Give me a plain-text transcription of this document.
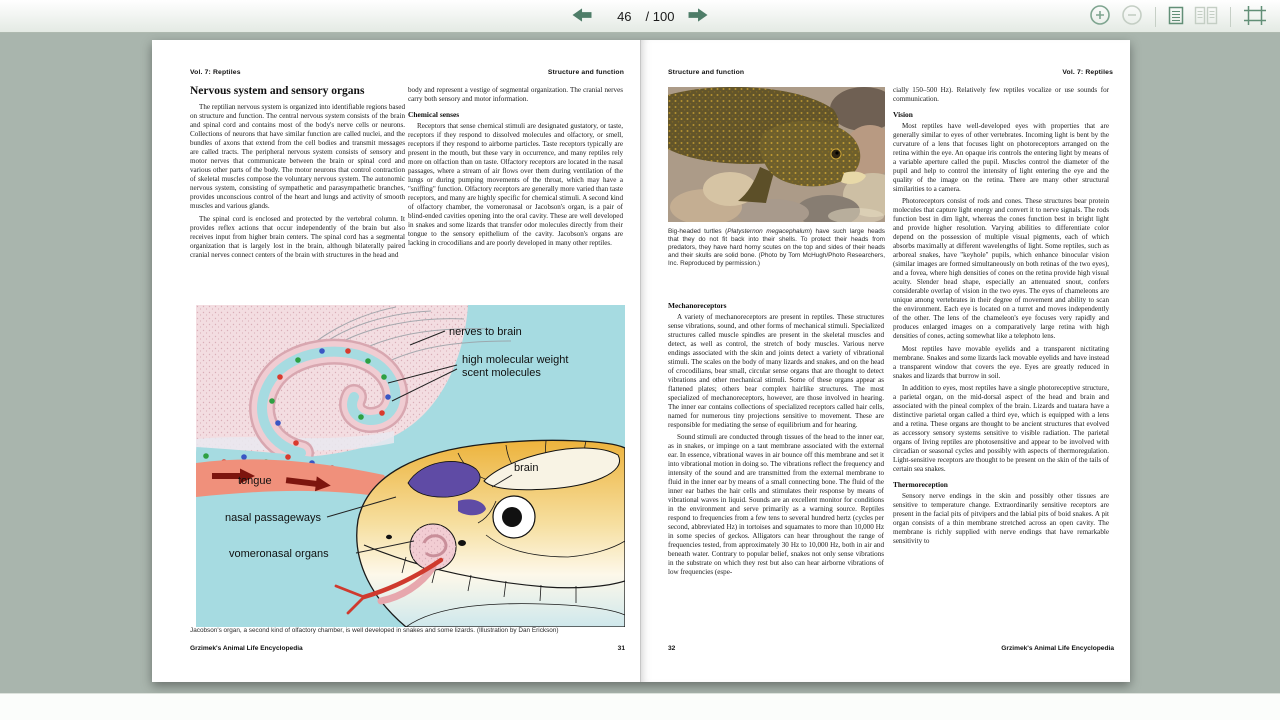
46
/ 100
Vol. 7: Reptiles	Structure and function
Nervous system and sensory organs

The reptilian nervous system is organized into identifiable regions based on structure and function. The central nervous system consists of the brain and spinal cord and contains most of the body's nerve cells or neurons. Collections of neurons that have similar function are called nuclei, and the bundles of axons that extend from the cell bodies and transmit messages are called tracts. The peripheral nervous system consists of sensory and motor nerves that communicate between the brain or spinal cord and various other parts of the body. The motor neurons that control contraction of skeletal muscles compose the voluntary nervous system. The autonomic nervous system, consisting of sympathetic and parasympathetic branches, provides unconscious control of the heart and lungs and activity of smooth muscles and various glands.

The spinal cord is enclosed and protected by the vertebral column. It provides reflex actions that occur independently of the brain but also receives input from higher brain centers. The spinal cord has a segmental organization that is largely lost in the brain, although bilaterally paired cranial nerves connect centers of the brain with structures in the head and

body and represent a vestige of segmental organization. The cranial nerves carry both sensory and motor information.

Chemical senses

Receptors that sense chemical stimuli are designated gustatory, or taste, receptors if they respond to dissolved molecules and olfactory, or smell, receptors if they respond to airborne particles. Taste receptors typically are present in the mouth, but these vary in occurrence, and many reptiles rely more on olfaction than on taste. Olfactory receptors are located in the nasal passages, where a stream of air flows over them during ventilation of the lungs or during pumping movements of the throat, which may have a "sniffing" function. Olfactory receptors are generally more varied than taste receptors, and many are highly specific for chemical stimuli. A second kind of olfactory chamber, the vomeronasal or Jacobson's organ, is a pair of blind-ended cavities opening into the oral cavity. These are well developed in snakes and some lizards that transfer odor molecules directly from their tongue to the sensory epithelium of the cavity. Jacobson's organs are lacking in crocodilians and are poorly developed in many other reptiles.

nerves to brain
high molecular weight
scent molecules
tongue
brain
nasal passageways
vomeronasal organs
Jacobson's organ, a second kind of olfactory chamber, is well developed in snakes and some lizards. (Illustration by Dan Erickson)
Grzimek's Animal Life Encyclopedia	31
Structure and function	Vol. 7: Reptiles
Big-headed turtles (Platysternon megacephalum) have such large heads that they do not fit back into their shells. To protect their heads from predators, they have hard horny scutes on the top and sides of their heads and their skulls are solid bone. (Photo by Tom McHugh/Photo Researchers, Inc. Reproduced by permission.)
Mechanoreceptors

A variety of mechanoreceptors are present in reptiles. These structures sense vibrations, sound, and other forms of mechanical stimuli. Specialized structures called muscle spindles are present in the skeletal muscles and detect, as well as control, the stretch of body muscles. Various nerve endings associated with the skin and joints detect a variety of vibrational stimuli. The scales on the body of many lizards and snakes, and on the head of crocodilians, bear small, circular sense organs that are thought to detect vibrations and other mechanical stimuli. Some of these organs appear as flattened plates; others bear complex hairlike structures. The most specialized of mechanoreceptors, however, are those involved in hearing. The inner ear contains collections of specialized receptors called hair cells, named for numerous tiny projections sensitive to movement. These are responsible for mediating the sense of equilibrium and for hearing.

Sound stimuli are conducted through tissues of the head to the inner ear, as in snakes, or impinge on a taut membrane associated with the external ear. In essence, vibrational waves in air bounce off this membrane and set it into vibrational motion in doing so. The vibrations reflect the frequency and intensity of the sound and are transmitted from the external membrane to fluid in the inner ear by means of a small connecting bone. The fluid of the inner ear bathes the hair cells and stimulates their response by means of vibrational waves in liquid. Sounds are an excellent monitor for conditions in the environment and serve primarily as a warning source. Reptiles respond to frequencies from a few tens to several hundred hertz (cycles per second, abbreviated Hz) in tortoises and squamates to more than 10,000 Hz in some species of geckos. Alligators can hear throughout the range of frequencies tested, from approximately 30 Hz to 10,000 Hz, both in air and beneath water. Contrary to popular belief, snakes not only sense vibrations in the substrate on which they rest but also can hear airborne vibrations of low frequencies (espe-

cially 150–500 Hz). Relatively few reptiles vocalize or use sounds for communication.

Vision

Most reptiles have well-developed eyes with properties that are generally similar to eyes of other vertebrates. Incoming light is bent by the curvature of a lens that focuses light on photoreceptors arranged on the retina within the eye. An opaque iris controls the entering light by means of a variable aperture called the pupil. Muscles control the diameter of the pupil and help to control the intensity of light entering the eye and the quality of the image on the retina. There are many other structural similarities to a camera.

Photoreceptors consist of rods and cones. These structures bear protein molecules that capture light energy and convert it to nerve signals. The rods function best in dim light, whereas the cones function best in bright light and provide higher resolution. Varying abilities to differentiate color depend on the possession of multiple visual pigments, each of which absorbs maximally at different wavelengths of light. Some reptiles, such as arboreal snakes, have "keyhole" pupils, which enhance binocular vision (similar images are formed simultaneously on both retinas of the two eyes), and a fovea, where high densities of cones on the retina provide high visual acuity. Slender head shape, especially an attenuated snout, confers considerable overlap of vision in the two eyes. The eyes of chameleons are unique among vertebrates in their degree of movement and ability to scan the environment. Each eye is located on a turret and moves independently of the other. The lens of the chameleon's eye focuses very rapidly and produces enlarged images on a comparatively large retina with high densities of cones, acting somewhat like a telephoto lens.

Most reptiles have movable eyelids and a transparent nictitating membrane. Snakes and some lizards lack movable eyelids and have instead a transparent window that covers the eye. Eyes are greatly reduced in snakes and lizards that burrow in soil.

In addition to eyes, most reptiles have a single photoreceptive structure, a parietal organ, on the mid-dorsal aspect of the head and brain and associated with the pineal complex of the brain. Lizards and tuatara have a distinctive parietal organ called a third eye, which is equipped with a lens and a retina. These organs are thought to be ancient structures that evolved as accessory sensory systems sensitive to visible radiation. The parietal organs of living reptiles are photosensitive and appear to be involved with circadian or seasonal cycles and possibly with aspects of thermoregulation. Light-sensitive receptors are thought to be present on the skin of the tails of certain sea snakes.

Thermoreception

Sensory nerve endings in the skin and possibly other tissues are sensitive to temperature change. Extraordinarily sensitive receptors are present in the facial pits of pitvipers and the labial pits of boid snakes. A pit organ consists of a thin membrane stretched across an open cavity. The membrane is richly supplied with nerve endings that have remarkable sensitivity to

32	Grzimek's Animal Life Encyclopedia
